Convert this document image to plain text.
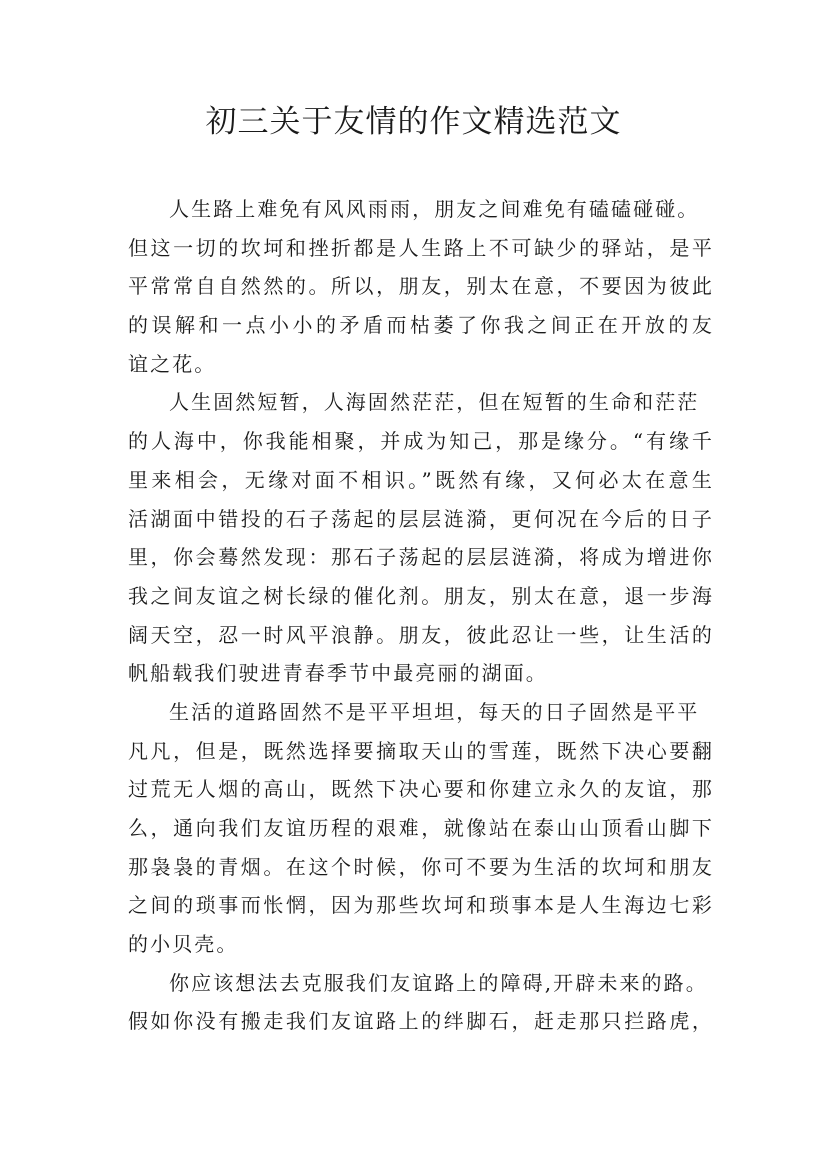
初三关于友情的作文精选范文
人生路上难免有风风雨雨，朋友之间难免有磕磕碰碰。
但这一切的坎坷和挫折都是人生路上不可缺少的驿站，是平
平常常自自然然的。所以，朋友，别太在意，不要因为彼此
的误解和一点小小的矛盾而枯萎了你我之间正在开放的友
谊之花。
人生固然短暂，人海固然茫茫，但在短暂的生命和茫茫
的人海中，你我能相聚，并成为知己，那是缘分。“有缘千
里来相会，无缘对面不相识。”既然有缘，又何必太在意生
活湖面中错投的石子荡起的层层涟漪，更何况在今后的日子
里，你会蓦然发现：那石子荡起的层层涟漪，将成为增进你
我之间友谊之树长绿的催化剂。朋友，别太在意，退一步海
阔天空，忍一时风平浪静。朋友，彼此忍让一些，让生活的
帆船载我们驶进青春季节中最亮丽的湖面。
生活的道路固然不是平平坦坦，每天的日子固然是平平
凡凡，但是，既然选择要摘取天山的雪莲，既然下决心要翻
过荒无人烟的高山，既然下决心要和你建立永久的友谊，那
么，通向我们友谊历程的艰难，就像站在泰山山顶看山脚下
那袅袅的青烟。在这个时候，你可不要为生活的坎坷和朋友
之间的琐事而怅惘，因为那些坎坷和琐事本是人生海边七彩
的小贝壳。
你应该想法去克服我们友谊路上的障碍,开辟未来的路。
假如你没有搬走我们友谊路上的绊脚石，赶走那只拦路虎，
